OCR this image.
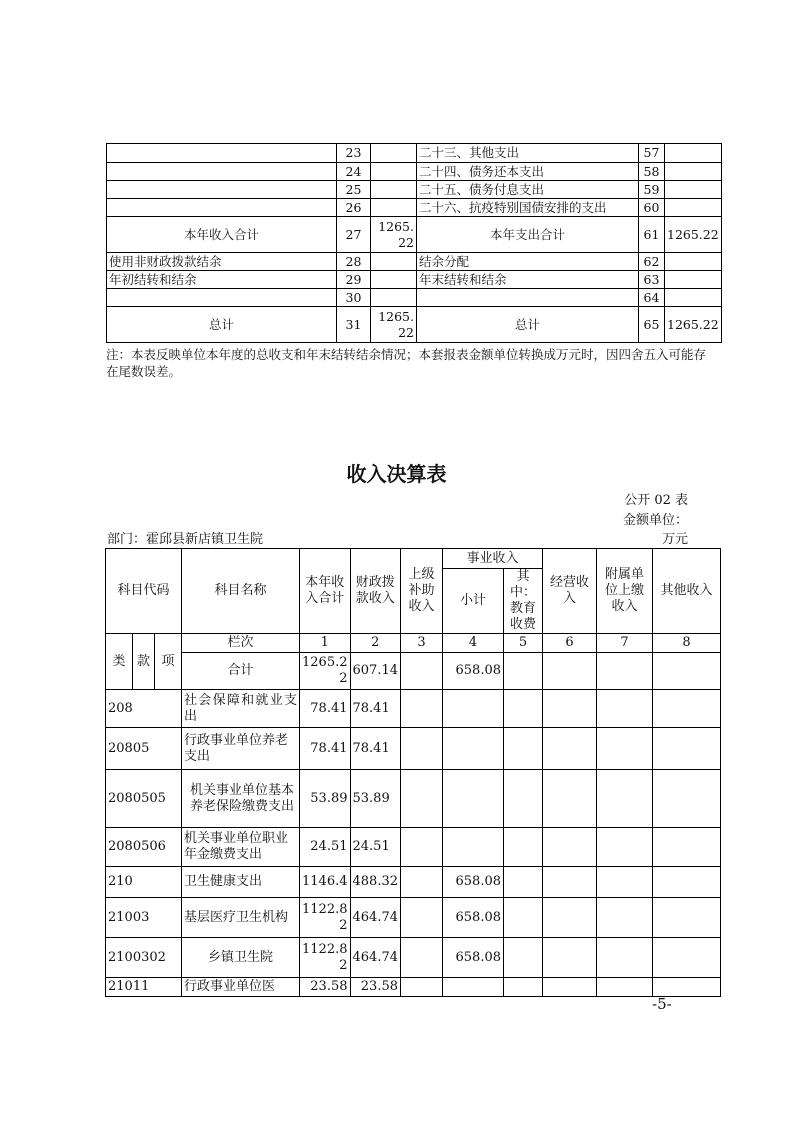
	23		二十三、其他支出	57	
	24		二十四、债务还本支出	58	
	25		二十五、债务付息支出	59	
	26		二十六、抗疫特别国债安排的支出	60	
本年收入合计	27	1265.22	本年支出合计	61	1265.22
使用非财政拨款结余	28		结余分配	62	
年初结转和结余	29		年末结转和结余	63	
	30			64	
总计	31	1265.22	总计	65	1265.22
注：本表反映单位本年度的总收支和年末结转结余情况；本套报表金额单位转换成万元时，因四舍五入可能存在尾数误差。
收入决算表
公开 02 表
金额单位：
部门：霍邱县新店镇卫生院	万元
科目代码			科目名称	本年收入合计	财政拨款收入	上级补助收入	事业收入		经营收入	附属单位上缴收入	其他收入
							小计	其中：教育收费			
类	款	项	栏次	1	2	3	4	5	6	7	8
			合计	1265.22	607.14		658.08				
208			社会保障和就业支出	78.41	78.41						
20805			行政事业单位养老支出	78.41	78.41						
2080505			机关事业单位基本养老保险缴费支出	53.89	53.89						
2080506			机关事业单位职业年金缴费支出	24.51	24.51						
210			卫生健康支出	1146.4	488.32		658.08				
21003			基层医疗卫生机构	1122.82	464.74		658.08				
2100302			乡镇卫生院	1122.82	464.74		658.08				
21011			行政事业单位医	23.58	23.58						
-5-
